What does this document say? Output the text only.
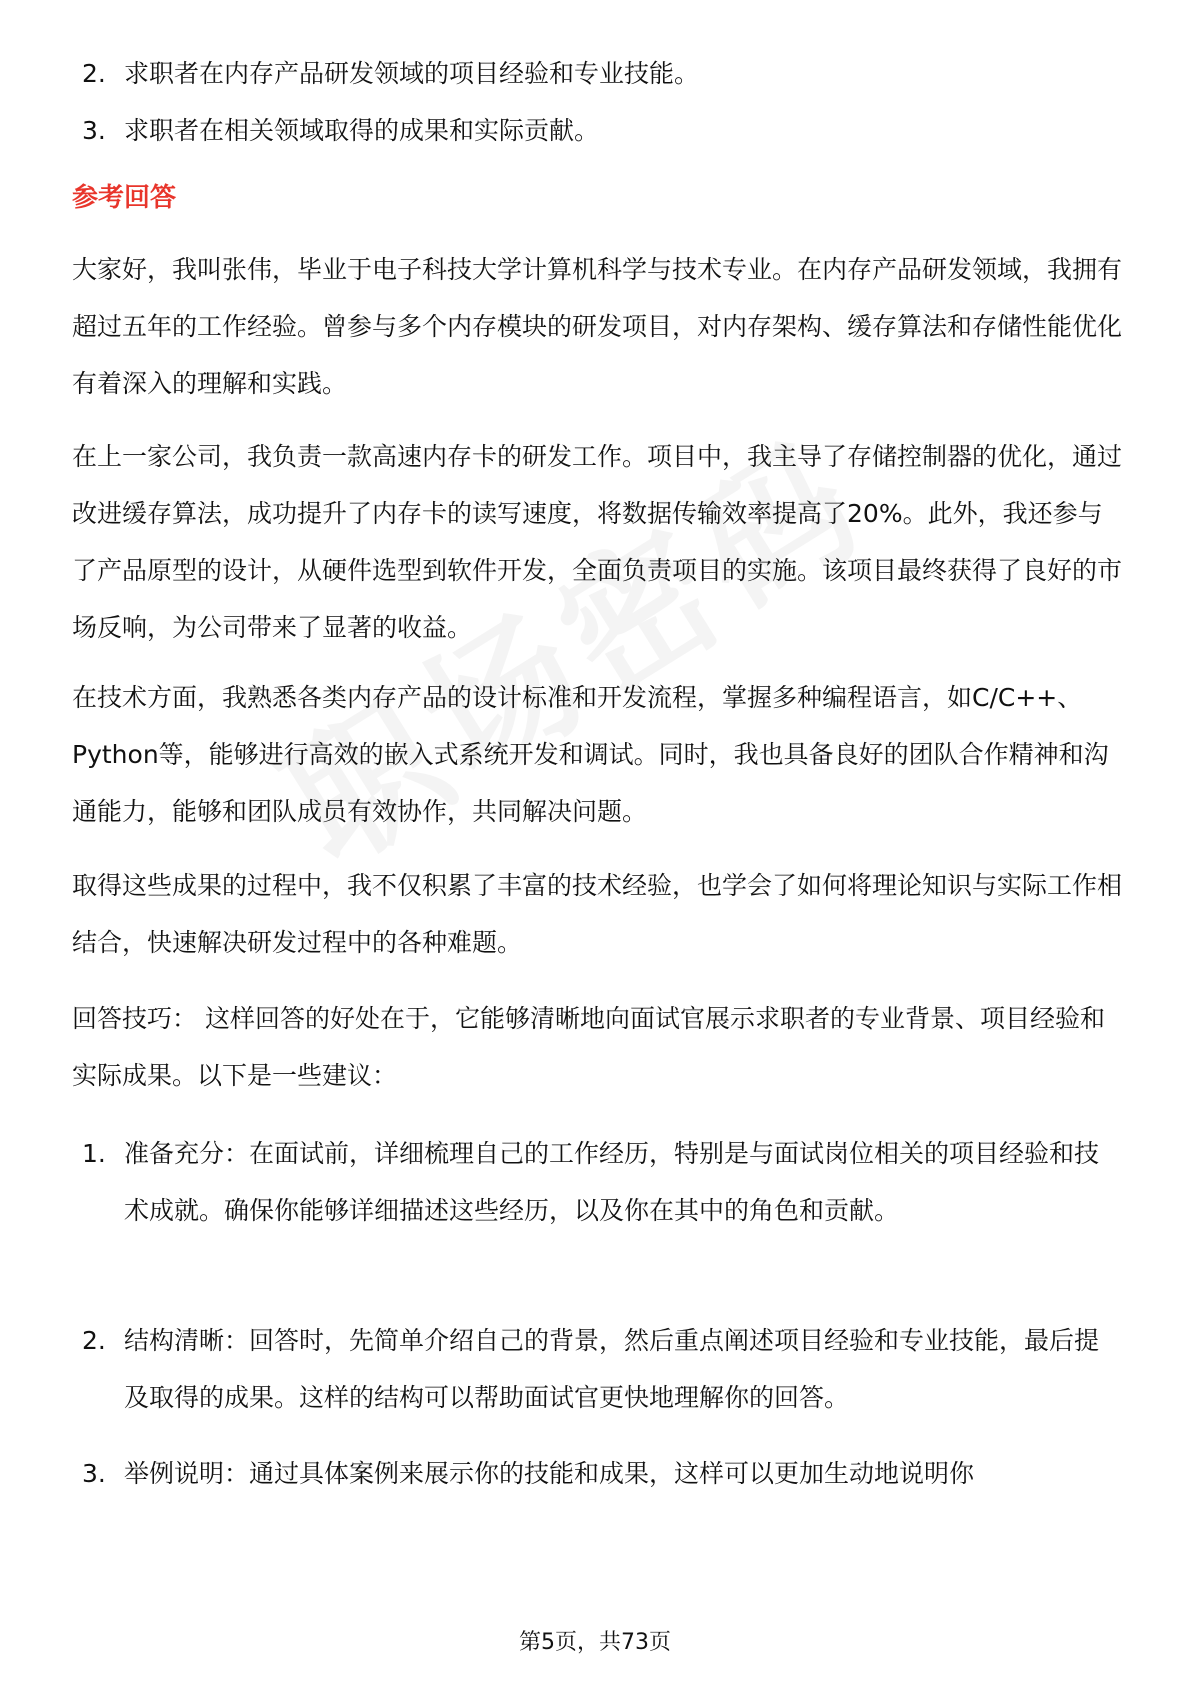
2. 求职者在内存产品研发领域的项目经验和专业技能。
3. 求职者在相关领域取得的成果和实际贡献。
参考回答
大家好，我叫张伟，毕业于电子科技大学计算机科学与技术专业。在内存产品研发领域，我拥有超过五年的工作经验。曾参与多个内存模块的研发项目，对内存架构、缓存算法和存储性能优化有着深入的理解和实践。
在上一家公司，我负责一款高速内存卡的研发工作。项目中，我主导了存储控制器的优化，通过改进缓存算法，成功提升了内存卡的读写速度，将数据传输效率提高了20%。此外，我还参与了产品原型的设计，从硬件选型到软件开发，全面负责项目的实施。该项目最终获得了良好的市场反响，为公司带来了显著的收益。
在技术方面，我熟悉各类内存产品的设计标准和开发流程，掌握多种编程语言，如C/C++、Python等，能够进行高效的嵌入式系统开发和调试。同时，我也具备良好的团队合作精神和沟通能力，能够和团队成员有效协作，共同解决问题。
取得这些成果的过程中，我不仅积累了丰富的技术经验，也学会了如何将理论知识与实际工作相结合，快速解决研发过程中的各种难题。
回答技巧： 这样回答的好处在于，它能够清晰地向面试官展示求职者的专业背景、项目经验和实际成果。以下是一些建议：
1. 准备充分：在面试前，详细梳理自己的工作经历，特别是与面试岗位相关的项目经验和技术成就。确保你能够详细描述这些经历，以及你在其中的角色和贡献。
2. 结构清晰：回答时，先简单介绍自己的背景，然后重点阐述项目经验和专业技能，最后提及取得的成果。这样的结构可以帮助面试官更快地理解你的回答。
3. 举例说明：通过具体案例来展示你的技能和成果，这样可以更加生动地说明你
第5页，共73页
